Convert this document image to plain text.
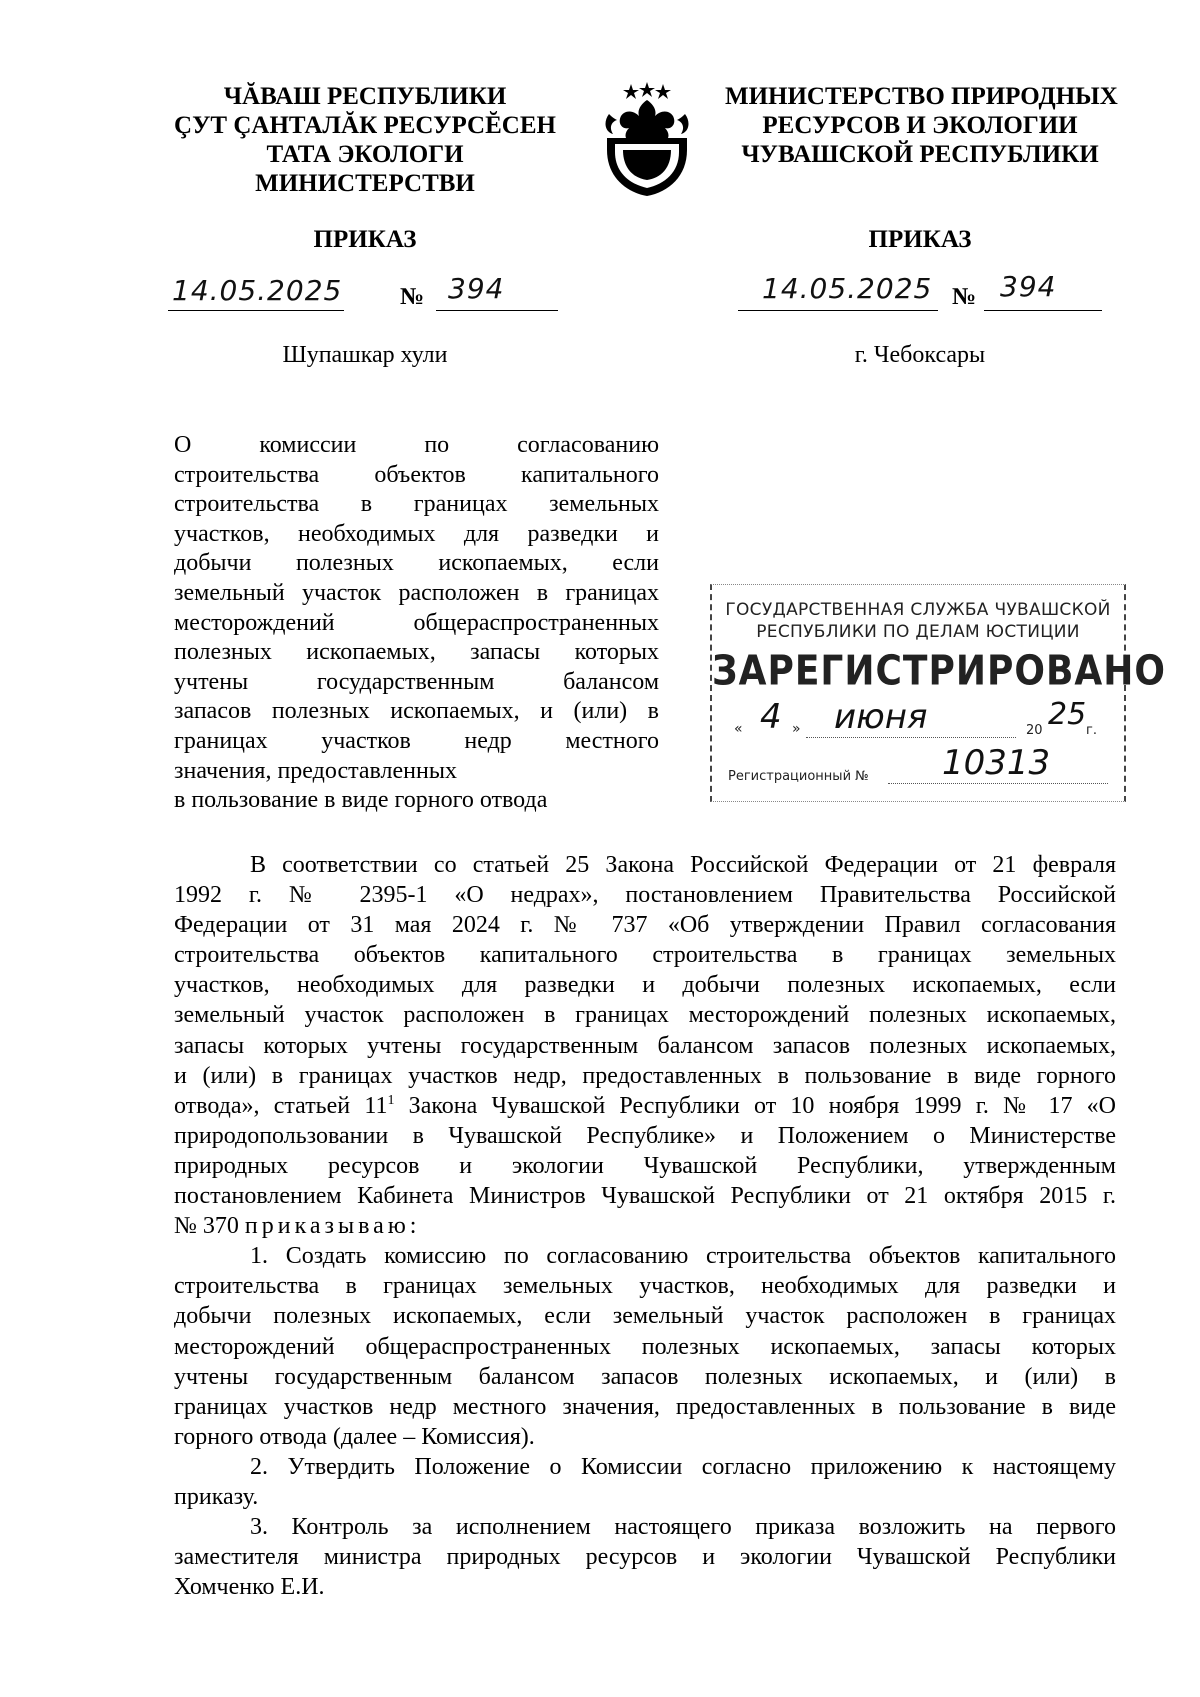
ЧĂВАШ РЕСПУБЛИКИ
ÇУТ ÇАНТАЛĂК РЕСУРСĔСЕН
ТАТА ЭКОЛОГИ
МИНИСТЕРСТВИ
МИНИСТЕРСТВО ПРИРОДНЫХ
РЕСУРСОВ И ЭКОЛОГИИ
ЧУВАШСКОЙ РЕСПУБЛИКИ
ПРИКАЗ	ПРИКАЗ
14.05.2025 № 394	14.05.2025 № 394
Шупашкар хули	г. Чебоксары
О комиссии по согласованию
строительства объектов капитального
строительства в границах земельных
участков, необходимых для разведки и
добычи полезных ископаемых, если
земельный участок расположен в границах
месторождений общераспространенных
полезных ископаемых, запасы которых
учтены государственным балансом
запасов полезных ископаемых, и (или) в
границах участков недр местного
значения, предоставленных
в пользование в виде горного отвода
ГОСУДАРСТВЕННАЯ СЛУЖБА ЧУВАШСКОЙ
РЕСПУБЛИКИ ПО ДЕЛАМ ЮСТИЦИИ
ЗАРЕГИСТРИРОВАНО
« 4 » июня	20 25 г.
Регистрационный № 10313
В соответствии со статьей 25 Закона Российской Федерации от 21 февраля
1992 г. № 2395-1 «О недрах», постановлением Правительства Российской
Федерации от 31 мая 2024 г. № 737 «Об утверждении Правил согласования
строительства объектов капитального строительства в границах земельных
участков, необходимых для разведки и добычи полезных ископаемых, если
земельный участок расположен в границах месторождений полезных ископаемых,
запасы которых учтены государственным балансом запасов полезных ископаемых,
и (или) в границах участков недр, предоставленных в пользование в виде горного
отвода», статьей $11^1$ Закона Чувашской Республики от 10 ноября 1999 г. № 17 «О
природопользовании в Чувашской Республике» и Положением о Министерстве
природных ресурсов и экологии Чувашской Республики, утвержденным
постановлением Кабинета Министров Чувашской Республики от 21 октября 2015 г.
№ 370 приказываю:
1. Создать комиссию по согласованию строительства объектов капитального
строительства в границах земельных участков, необходимых для разведки и
добычи полезных ископаемых, если земельный участок расположен в границах
месторождений общераспространенных полезных ископаемых, запасы которых
учтены государственным балансом запасов полезных ископаемых, и (или) в
границах участков недр местного значения, предоставленных в пользование в виде
горного отвода (далее – Комиссия).
2. Утвердить Положение о Комиссии согласно приложению к настоящему
приказу.
3. Контроль за исполнением настоящего приказа возложить на первого
заместителя министра природных ресурсов и экологии Чувашской Республики
Хомченко Е.И.
